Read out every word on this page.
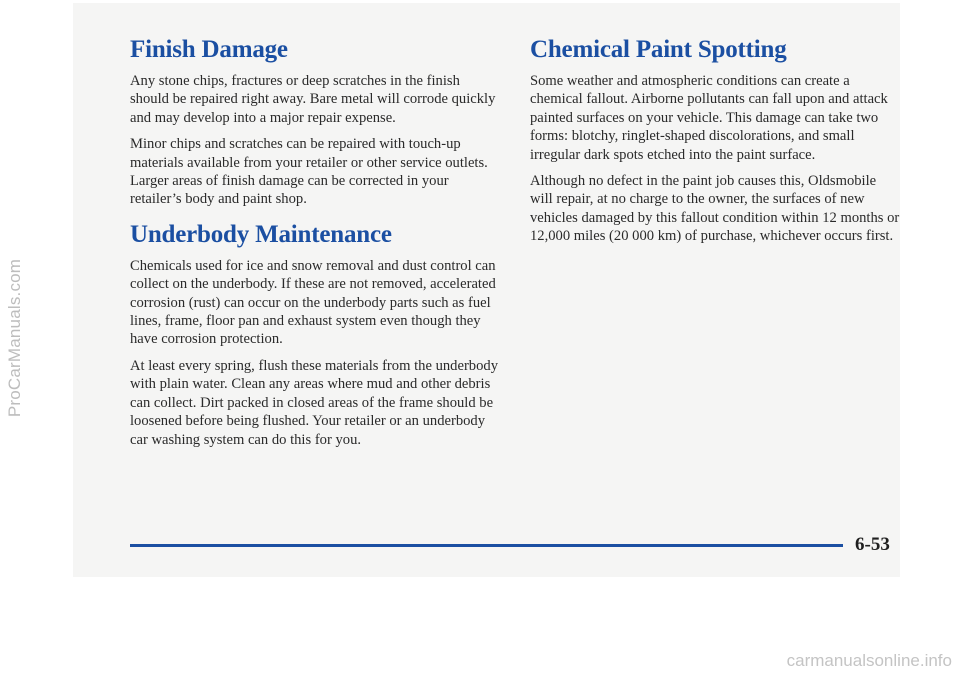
ProCarManuals.com
Finish Damage

Any stone chips, fractures or deep scratches in the finish should be repaired right away. Bare metal will corrode quickly and may develop into a major repair expense.

Minor chips and scratches can be repaired with touch-up materials available from your retailer or other service outlets. Larger areas of finish damage can be corrected in your retailer’s body and paint shop.

Underbody Maintenance

Chemicals used for ice and snow removal and dust control can collect on the underbody. If these are not removed, accelerated corrosion (rust) can occur on the underbody parts such as fuel lines, frame, floor pan and exhaust system even though they have corrosion protection.

At least every spring, flush these materials from the underbody with plain water. Clean any areas where mud and other debris can collect. Dirt packed in closed areas of the frame should be loosened before being flushed. Your retailer or an underbody car washing system can do this for you.

Chemical Paint Spotting

Some weather and atmospheric conditions can create a chemical fallout. Airborne pollutants can fall upon and attack painted surfaces on your vehicle. This damage can take two forms: blotchy, ringlet-shaped discolorations, and small irregular dark spots etched into the paint surface.

Although no defect in the paint job causes this, Oldsmobile will repair, at no charge to the owner, the surfaces of new vehicles damaged by this fallout condition within 12 months or 12,000 miles (20 000 km) of purchase, whichever occurs first.

6-53
carmanualsonline.info
